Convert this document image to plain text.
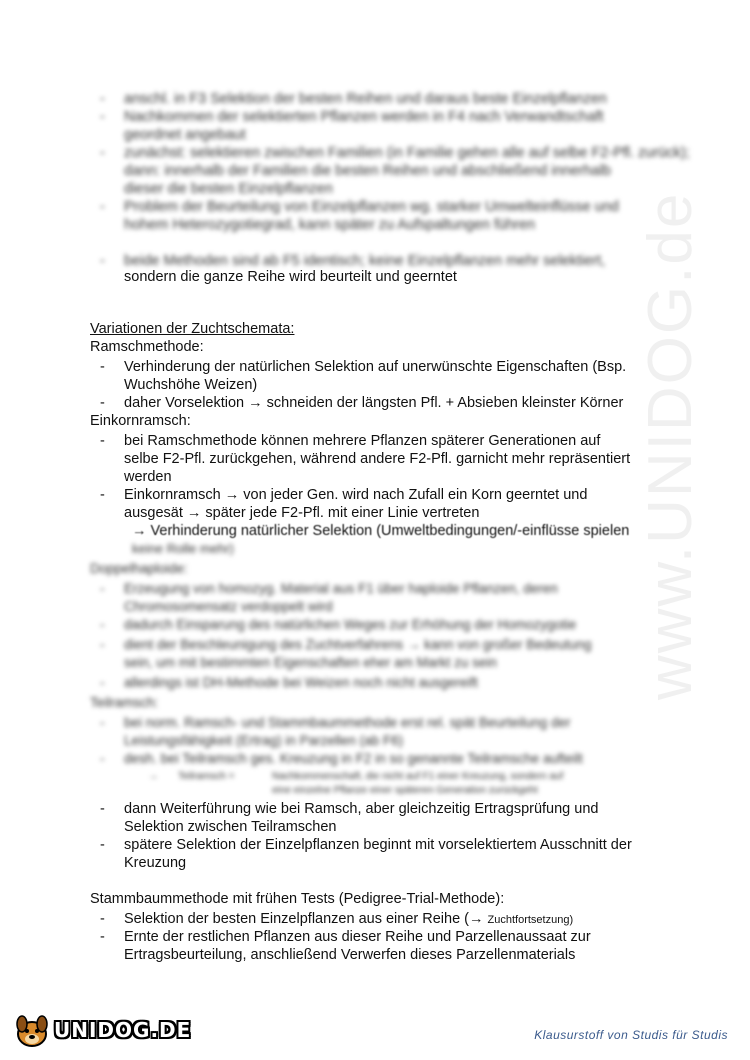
www.UNIDOG.de
- anschl. in F3 Selektion der besten Reihen und daraus beste Einzelpflanzen
- Nachkommen der selektierten Pflanzen werden in F4 nach Verwandtschaft
geordnet angebaut
- zunächst: selektieren zwischen Familien (in Familie gehen alle auf selbe F2-Pfl. zurück);
dann: innerhalb der Familien die besten Reihen und abschließend innerhalb
dieser die besten Einzelpflanzen
- Problem der Beurteilung von Einzelpflanzen wg. starker Umwelteinflüsse und
hohem Heterozygotiegrad, kann später zu Aufspaltungen führen
- beide Methoden sind ab F5 identisch; keine Einzelpflanzen mehr selektiert,
sondern die ganze Reihe wird beurteilt und geerntet
Variationen der Zuchtschemata:
Ramschmethode:
- Verhinderung der natürlichen Selektion auf unerwünschte Eigenschaften (Bsp.
Wuchshöhe Weizen)
- daher Vorselektion → schneiden der längsten Pfl. + Absieben kleinster Körner
Einkornramsch:
- bei Ramschmethode können mehrere Pflanzen späterer Generationen auf
selbe F2-Pfl. zurückgehen, während andere F2-Pfl. garnicht mehr repräsentiert
werden
- Einkornramsch → von jeder Gen. wird nach Zufall ein Korn geerntet und
ausgesät → später jede F2-Pfl. mit einer Linie vertreten
→ Verhinderung natürlicher Selektion (Umweltbedingungen/-einflüsse spielen
keine Rolle mehr)
Doppelhaploide:
- Erzeugung von homozyg. Material aus F1 über haploide Pflanzen, deren
Chromosomensatz verdoppelt wird
- dadurch Einsparung des natürlichen Weges zur Erhöhung der Homozygotie
- dient der Beschleunigung des Zuchtverfahrens → kann von großer Bedeutung
sein, um mit bestimmten Eigenschaften eher am Markt zu sein
- allerdings ist DH-Methode bei Weizen noch nicht ausgereift
Teilramsch:
- bei norm. Ramsch- und Stammbaummethode erst rel. spät Beurteilung der
Leistungsfähigkeit (Ertrag) in Parzellen (ab F6)
- desh. bei Teilramsch ges. Kreuzung in F2 in so genannte Teilramsche aufteilt
→ Teilramsch =	Nachkommenschaft, die nicht auf F1 einer Kreuzung, sondern auf
eine einzelne Pflanze einer späteren Generation zurückgeht
- dann Weiterführung wie bei Ramsch, aber gleichzeitig Ertragsprüfung und
Selektion zwischen Teilramschen
- spätere Selektion der Einzelpflanzen beginnt mit vorselektiertem Ausschnitt der
Kreuzung
Stammbaummethode mit frühen Tests (Pedigree-Trial-Methode):
- Selektion der besten Einzelpflanzen aus einer Reihe (→ Zuchtfortsetzung)
- Ernte der restlichen Pflanzen aus dieser Reihe und Parzellenaussaat zur
Ertragsbeurteilung, anschließend Verwerfen dieses Parzellenmaterials
UNIDOG.DE	Klausurstoff von Studis für Studis
